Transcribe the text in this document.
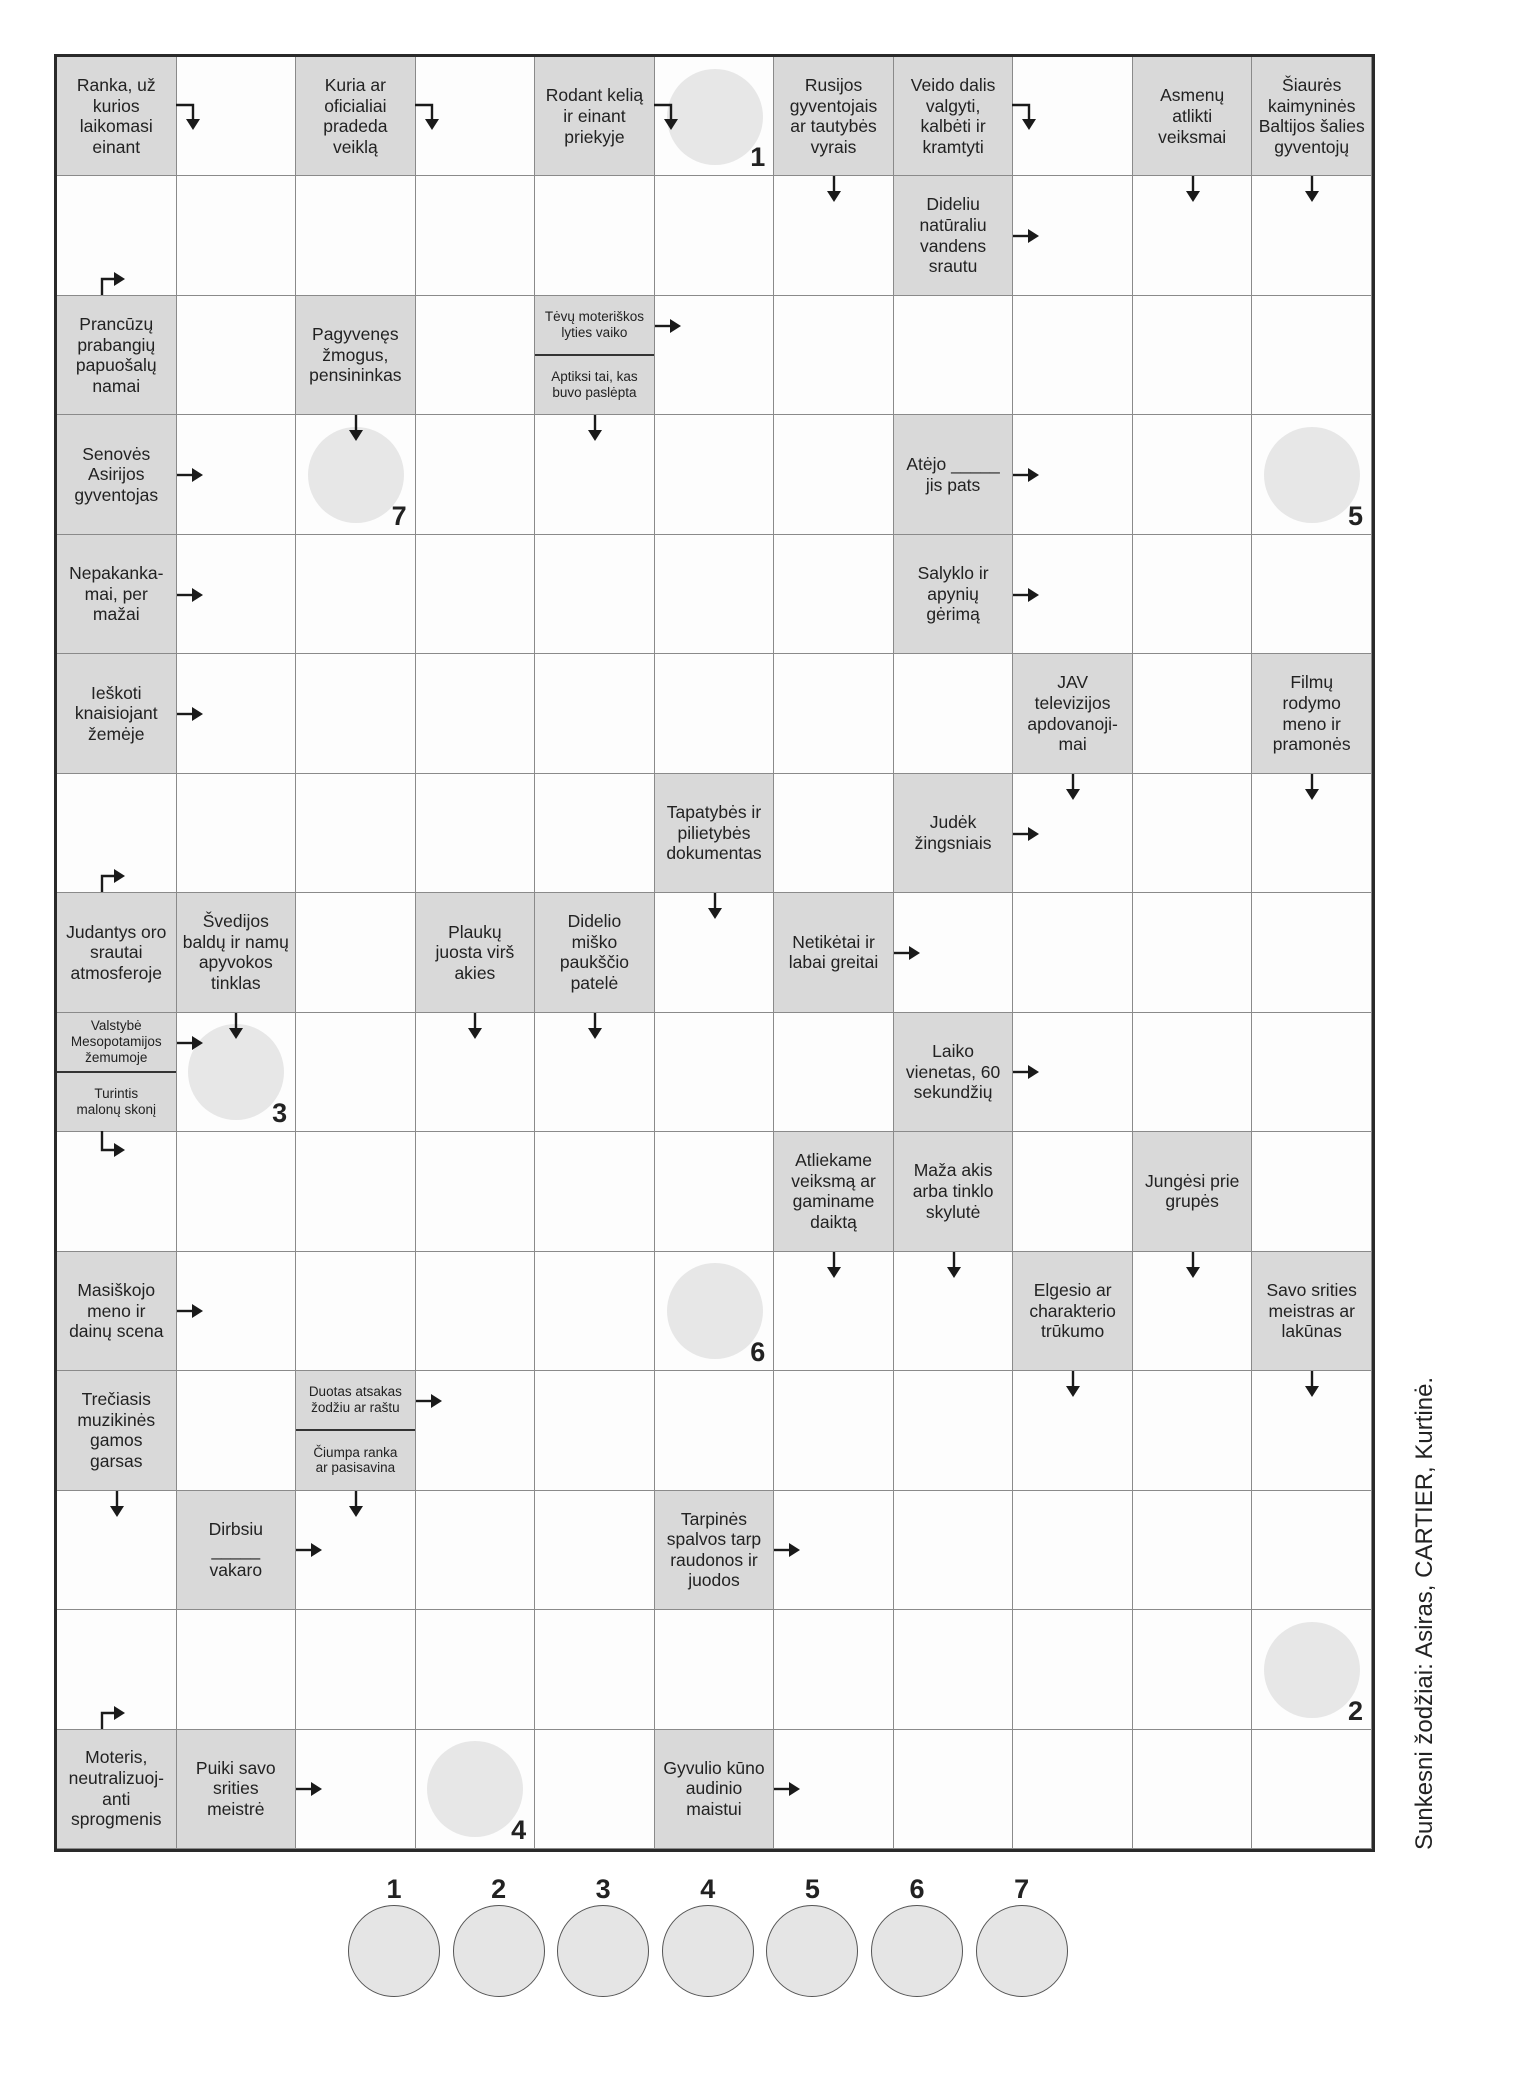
1
2
3
4
5
6
7
Ranka, už
kurios
laikomasi
einant
Kuria ar
oficialiai
pradeda
veiklą
Rodant kelią
ir einant
priekyje
Rusijos
gyventojais
ar tautybės
vyrais
Veido dalis
valgyti,
kalbėti ir
kramtyti
Asmenų
atlikti
veiksmai
Šiaurės
kaimyninės
Baltijos šalies
gyventojų
Dideliu
natūraliu
vandens
srautu
Prancūzų
prabangių
papuošalų
namai
Pagyvenęs
žmogus,
pensininkas
Tėvų moteriškos
lyties vaiko
Aptiksi tai, kas
buvo paslėpta
Senovės
Asirijos
gyventojas
Atėjo _____
jis pats
Nepakanka-
mai, per
mažai
Salyklo ir
apynių
gėrimą
Ieškoti
knaisiojant
žemėje
JAV
televizijos
apdovanoji-
mai
Filmų
rodymo
meno ir
pramonės
Tapatybės ir
pilietybės
dokumentas
Judėk
žingsniais
Judantys oro
srautai
atmosferoje
Švedijos
baldų ir namų
apyvokos
tinklas
Plaukų
juosta virš
akies
Didelio
miško
paukščio
patelė
Netikėtai ir
labai greitai
Valstybė
Mesopotamijos
žemumoje
Turintis
malonų skonį
Laiko
vienetas, 60
sekundžių
Atliekame
veiksmą ar
gaminame
daiktą
Maža akis
arba tinklo
skylutė
Jungėsi prie
grupės
Masiškojo
meno ir
dainų scena
Elgesio ar
charakterio
trūkumo
Savo srities
meistras ar
lakūnas
Trečiasis
muzikinės
gamos
garsas
Duotas atsakas
žodžiu ar raštu
Čiumpa ranka
ar pasisavina
Dirbsiu
_____
vakaro
Tarpinės
spalvos tarp
raudonos ir
juodos
Moteris,
neutralizuoj-
anti
sprogmenis
Puiki savo
srities
meistrė
Gyvulio kūno
audinio
maistui	Sunkesni žodžiai: Asiras, CARTIER, Kurtinė.
1	2	3	4	5	6	7
